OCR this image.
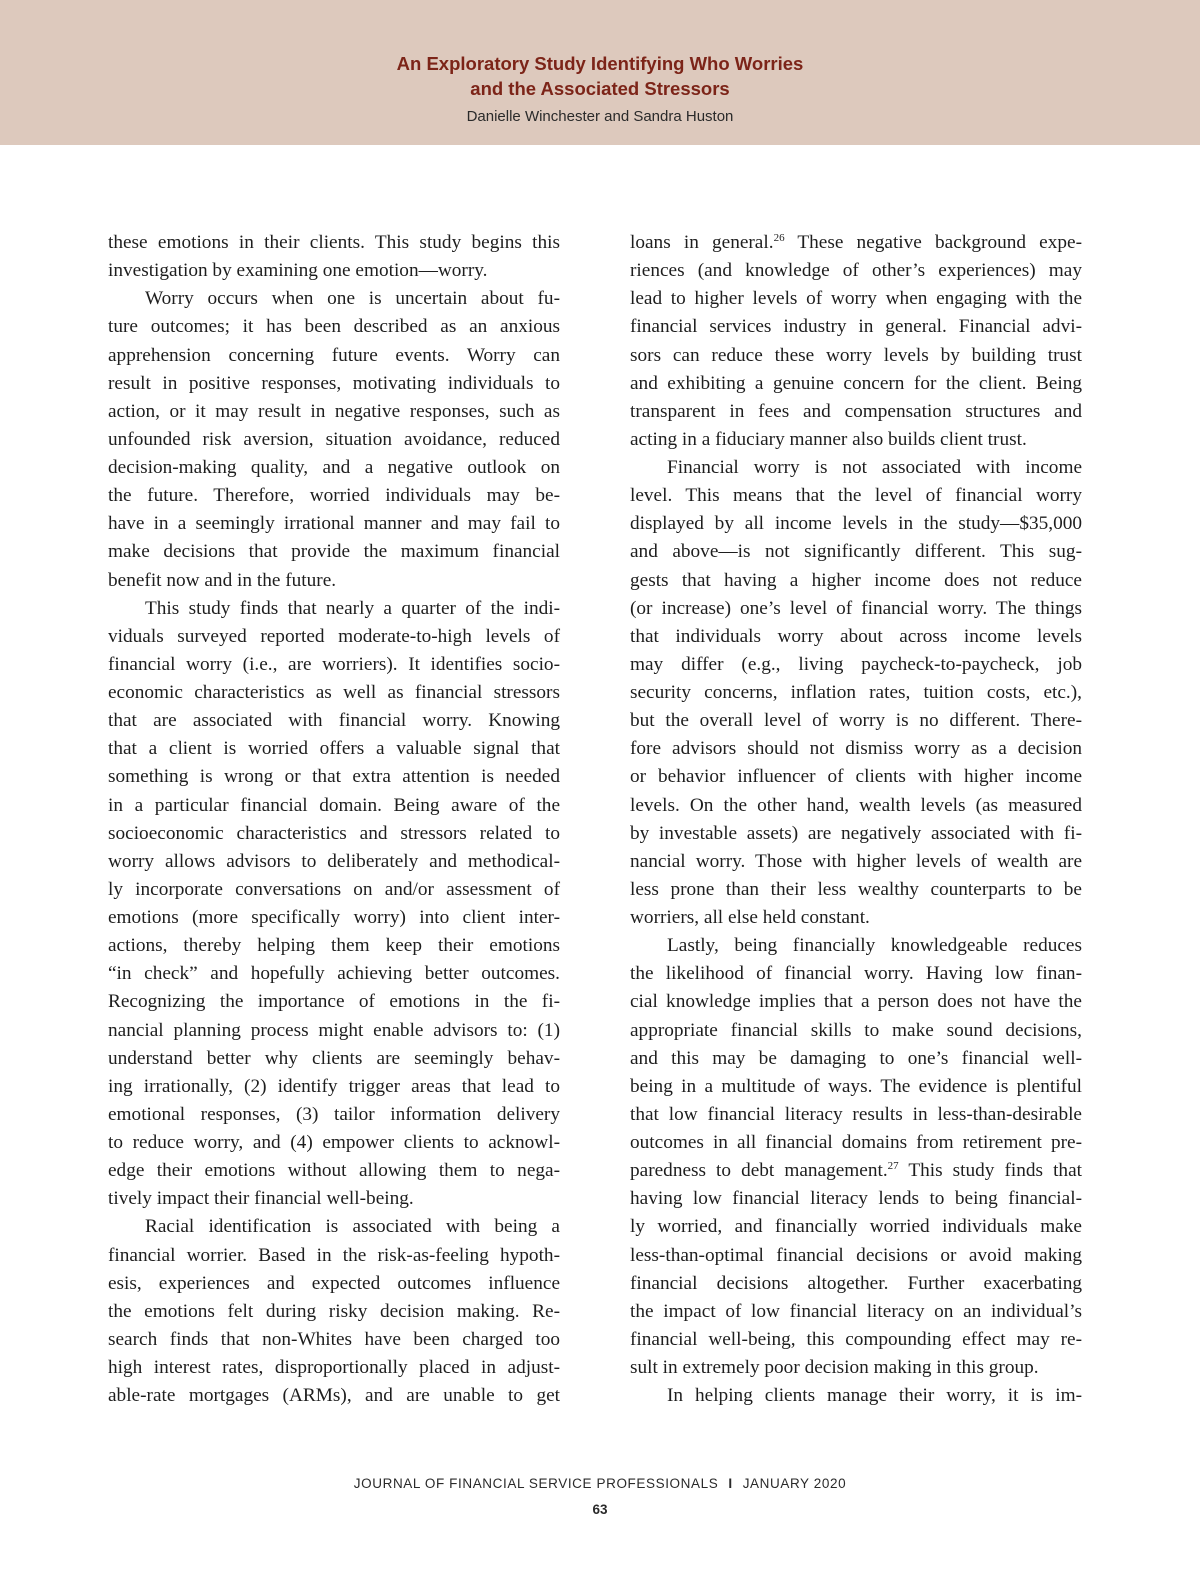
An Exploratory Study Identifying Who Worries
and the Associated Stressors
Danielle Winchester and Sandra Huston
these emotions in their clients. This study begins this
investigation by examining one emotion—worry.
Worry occurs when one is uncertain about fu-
ture outcomes; it has been described as an anxious
apprehension concerning future events. Worry can
result in positive responses, motivating individuals to
action, or it may result in negative responses, such as
unfounded risk aversion, situation avoidance, reduced
decision-making quality, and a negative outlook on
the future. Therefore, worried individuals may be-
have in a seemingly irrational manner and may fail to
make decisions that provide the maximum financial
benefit now and in the future.
This study finds that nearly a quarter of the indi-
viduals surveyed reported moderate-to-high levels of
financial worry (i.e., are worriers). It identifies socio-
economic characteristics as well as financial stressors
that are associated with financial worry. Knowing
that a client is worried offers a valuable signal that
something is wrong or that extra attention is needed
in a particular financial domain. Being aware of the
socioeconomic characteristics and stressors related to
worry allows advisors to deliberately and methodical-
ly incorporate conversations on and/or assessment of
emotions (more specifically worry) into client inter-
actions, thereby helping them keep their emotions
“in check” and hopefully achieving better outcomes.
Recognizing the importance of emotions in the fi-
nancial planning process might enable advisors to: (1)
understand better why clients are seemingly behav-
ing irrationally, (2) identify trigger areas that lead to
emotional responses, (3) tailor information delivery
to reduce worry, and (4) empower clients to acknowl-
edge their emotions without allowing them to nega-
tively impact their financial well-being.
Racial identification is associated with being a
financial worrier. Based in the risk-as-feeling hypoth-
esis, experiences and expected outcomes influence
the emotions felt during risky decision making. Re-
search finds that non-Whites have been charged too
high interest rates, disproportionally placed in adjust-
able-rate mortgages (ARMs), and are unable to get
loans in general.$^{26}$ These negative background expe-
riences (and knowledge of other’s experiences) may
lead to higher levels of worry when engaging with the
financial services industry in general. Financial advi-
sors can reduce these worry levels by building trust
and exhibiting a genuine concern for the client. Being
transparent in fees and compensation structures and
acting in a fiduciary manner also builds client trust.
Financial worry is not associated with income
level. This means that the level of financial worry
displayed by all income levels in the study—$35,000
and above—is not significantly different. This sug-
gests that having a higher income does not reduce
(or increase) one’s level of financial worry. The things
that individuals worry about across income levels
may differ (e.g., living paycheck-to-paycheck, job
security concerns, inflation rates, tuition costs, etc.),
but the overall level of worry is no different. There-
fore advisors should not dismiss worry as a decision
or behavior influencer of clients with higher income
levels. On the other hand, wealth levels (as measured
by investable assets) are negatively associated with fi-
nancial worry. Those with higher levels of wealth are
less prone than their less wealthy counterparts to be
worriers, all else held constant.
Lastly, being financially knowledgeable reduces
the likelihood of financial worry. Having low finan-
cial knowledge implies that a person does not have the
appropriate financial skills to make sound decisions,
and this may be damaging to one’s financial well-
being in a multitude of ways. The evidence is plentiful
that low financial literacy results in less-than-desirable
outcomes in all financial domains from retirement pre-
paredness to debt management.$^{27}$ This study finds that
having low financial literacy lends to being financial-
ly worried, and financially worried individuals make
less-than-optimal financial decisions or avoid making
financial decisions altogether. Further exacerbating
the impact of low financial literacy on an individual’s
financial well-being, this compounding effect may re-
sult in extremely poor decision making in this group.
In helping clients manage their worry, it is im-
JOURNAL OF FINANCIAL SERVICE PROFESSIONALS I JANUARY 2020
63
